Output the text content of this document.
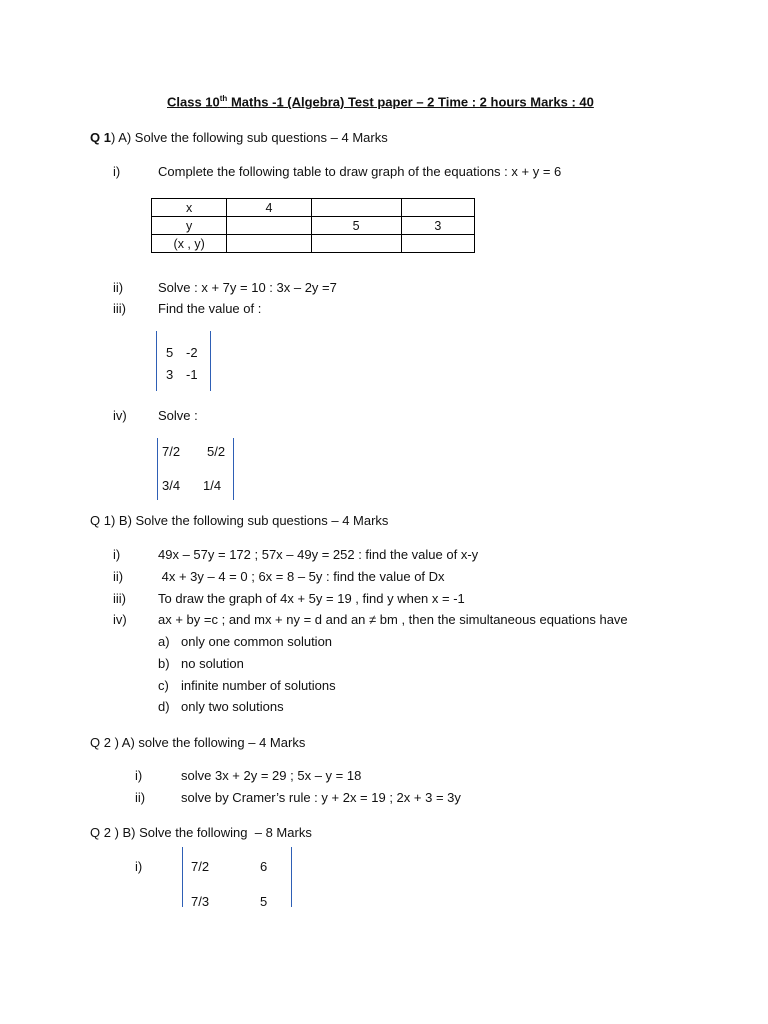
Class 10th Maths -1 (Algebra) Test paper – 2 Time : 2 hours Marks : 40
Q 1) A) Solve the following sub questions – 4 Marks
i)	Complete the following table to draw graph of the equations : x + y = 6
x	4		
y		5	3
(x , y)			
ii)	Solve : x + 7y = 10 : 3x – 2y =7
iii) Find the value of :
5 -2
3 -1
iv) Solve :
7/2 5/2
3/4 1/4
Q 1) B) Solve the following sub questions – 4 Marks
i)	49x – 57y = 172 ; 57x – 49y = 252 : find the value of x-y
ii)	4x + 3y – 4 = 0 ; 6x = 8 – 5y : find the value of Dx
iii) To draw the graph of 4x + 5y = 19 , find y when x = -1
iv) ax + by =c ; and mx + ny = d and an ≠ bm , then the simultaneous equations have
a) only one common solution
b) no solution
c) infinite number of solutions
d) only two solutions
Q 2 ) A) solve the following – 4 Marks
i)	solve 3x + 2y = 29 ; 5x – y = 18
ii)	solve by Cramer’s rule : y + 2x = 19 ; 2x + 3 = 3y
Q 2 ) B) Solve the following  – 8 Marks
i)	7/2	6
7/3	5
